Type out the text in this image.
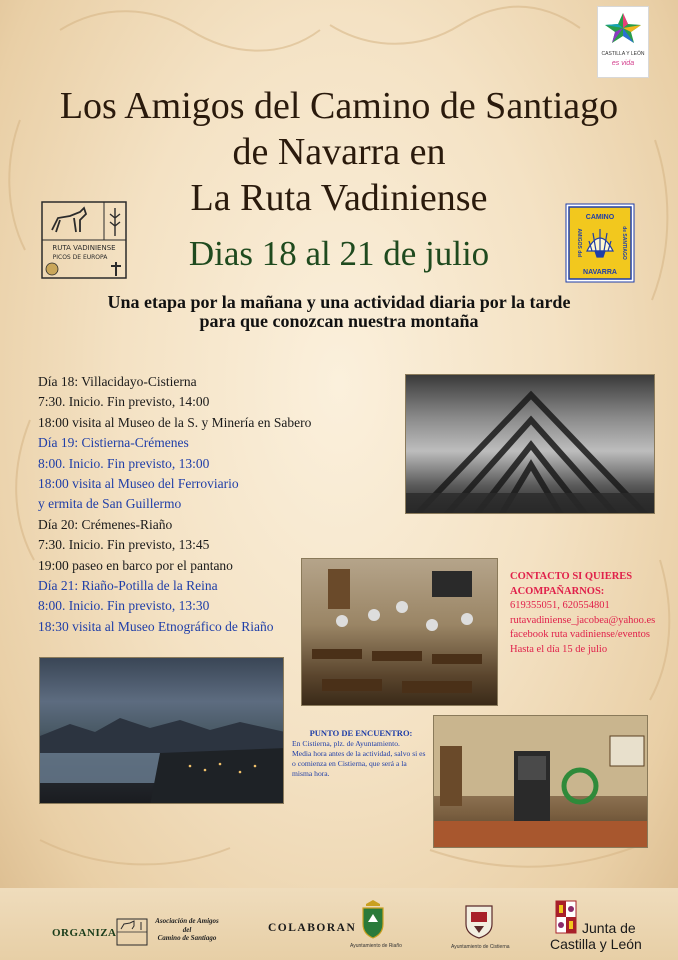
CASTILLA Y LEÓN
es vida
Los Amigos del Camino de Santiago
de Navarra en
La Ruta Vadiniense
RUTA VADINIENSE
PICOS DE EUROPA
CAMINO
NAVARRA
AMIGOS del	de SANTIAGO
Dias 18 al 21 de julio
Una etapa por la mañana y una actividad diaria por la tarde
para que conozcan nuestra montaña
Día 18: Villacidayo-Cistierna
7:30. Inicio. Fin previsto, 14:00
18:00 visita al Museo de la S. y Minería en Sabero
Día 19: Cistierna-Crémenes
8:00. Inicio. Fin previsto, 13:00
18:00 visita al Museo del Ferroviario
y ermita de San Guillermo
Día 20: Crémenes-Riaño
7:30. Inicio. Fin previsto, 13:45
19:00 paseo en barco por el pantano
Día 21: Riaño-Potilla de la Reina
8:00. Inicio. Fin previsto, 13:30
18:30 visita al Museo Etnográfico de Riaño
CONTACTO SI QUIERES
ACOMPAÑARNOS:
619355051, 620554801
rutavadiniense_jacobea@yahoo.es
facebook ruta vadiniense/eventos
Hasta el día 15 de julio
PUNTO DE ENCUENTRO:
En Cistierna, plz. de Ayuntamiento.
Media hora antes de la actividad, salvo si es
o comienza en Cistierna, que será a la
misma hora.
ORGANIZA
Asociación de Amigos
del
Camino de Santiago
COLABORAN
Ayuntamiento de Riaño	Ayuntamiento de Cistierna
Junta de
Castilla y León
